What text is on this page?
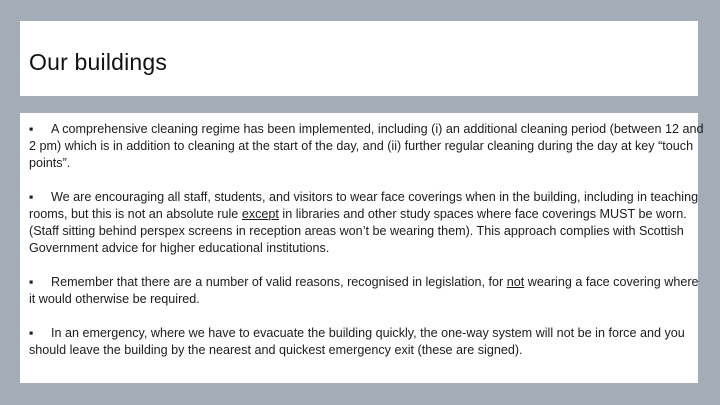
Our buildings
▪ A comprehensive cleaning regime has been implemented, including (i) an additional cleaning period (between 12 and 2 pm) which is in addition to cleaning at the start of the day, and (ii) further regular cleaning during the day at key “touch points”.
▪ We are encouraging all staff, students, and visitors to wear face coverings when in the building, including in teaching rooms, but this is not an absolute rule except in libraries and other study spaces where face coverings MUST be worn. (Staff sitting behind perspex screens in reception areas won’t be wearing them). This approach complies with Scottish Government advice for higher educational institutions.
▪ Remember that there are a number of valid reasons, recognised in legislation, for not wearing a face covering where it would otherwise be required.
▪ In an emergency, where we have to evacuate the building quickly, the one-way system will not be in force and you should leave the building by the nearest and quickest emergency exit (these are signed).
